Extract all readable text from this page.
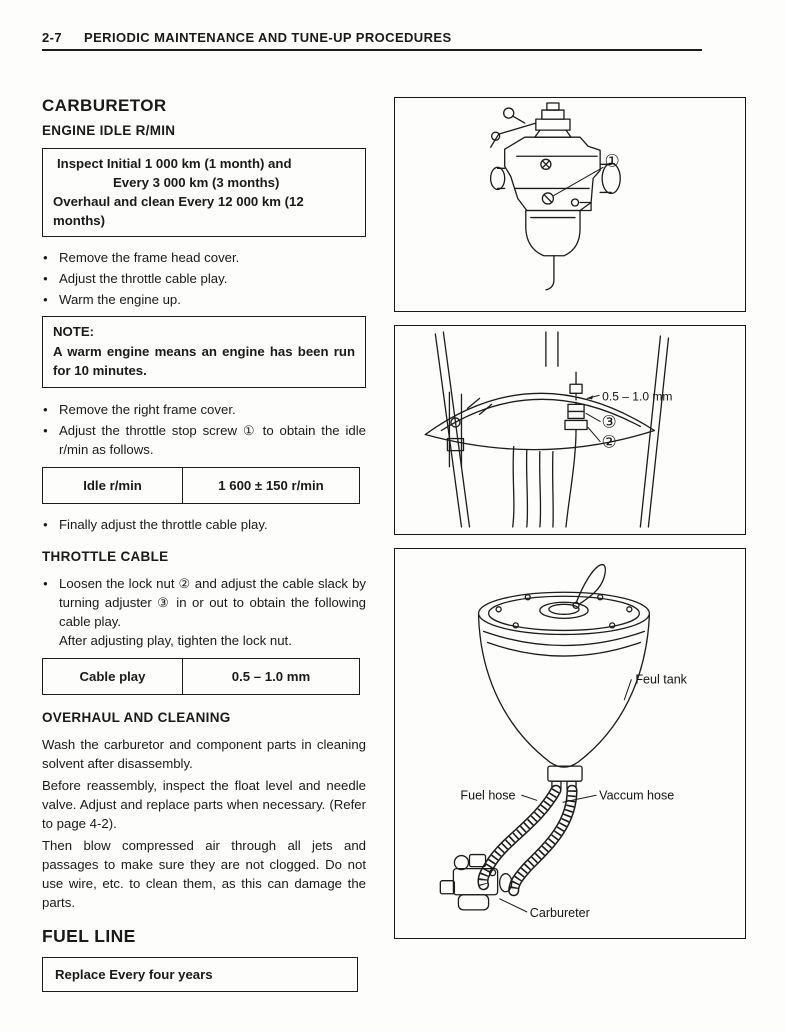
2-7 PERIODIC MAINTENANCE AND TUNE-UP PROCEDURES
CARBURETOR
ENGINE IDLE R/MIN
Inspect Initial 1 000 km (1 month) and
Every 3 000 km (3 months)
Overhaul and clean Every 12 000 km (12 months)
● Remove the frame head cover.
● Adjust the throttle cable play.
● Warm the engine up.
NOTE:
A warm engine means an engine has been run for 10 minutes.
● Remove the right frame cover.
● Adjust the throttle stop screw ① to obtain the idle r/min as follows.
Idle r/min	1 600 ± 150 r/min
● Finally adjust the throttle cable play.
THROTTLE CABLE
● Loosen the lock nut ② and adjust the cable slack by turning adjuster ③ in or out to obtain the following cable play.
After adjusting play, tighten the lock nut.
Cable play	0.5 – 1.0 mm
OVERHAUL AND CLEANING

Wash the carburetor and component parts in cleaning solvent after disassembly.

Before reassembly, inspect the float level and needle valve. Adjust and replace parts when necessary. (Refer to page 4-2).

Then blow compressed air through all jets and passages to make sure they are not clogged. Do not use wire, etc. to clean them, as this can damage the parts.

FUEL LINE
Replace Every four years
①
0.5 – 1.0 mm
③
②
Feul tank
Fuel hose	Vaccum hose
Carbureter
